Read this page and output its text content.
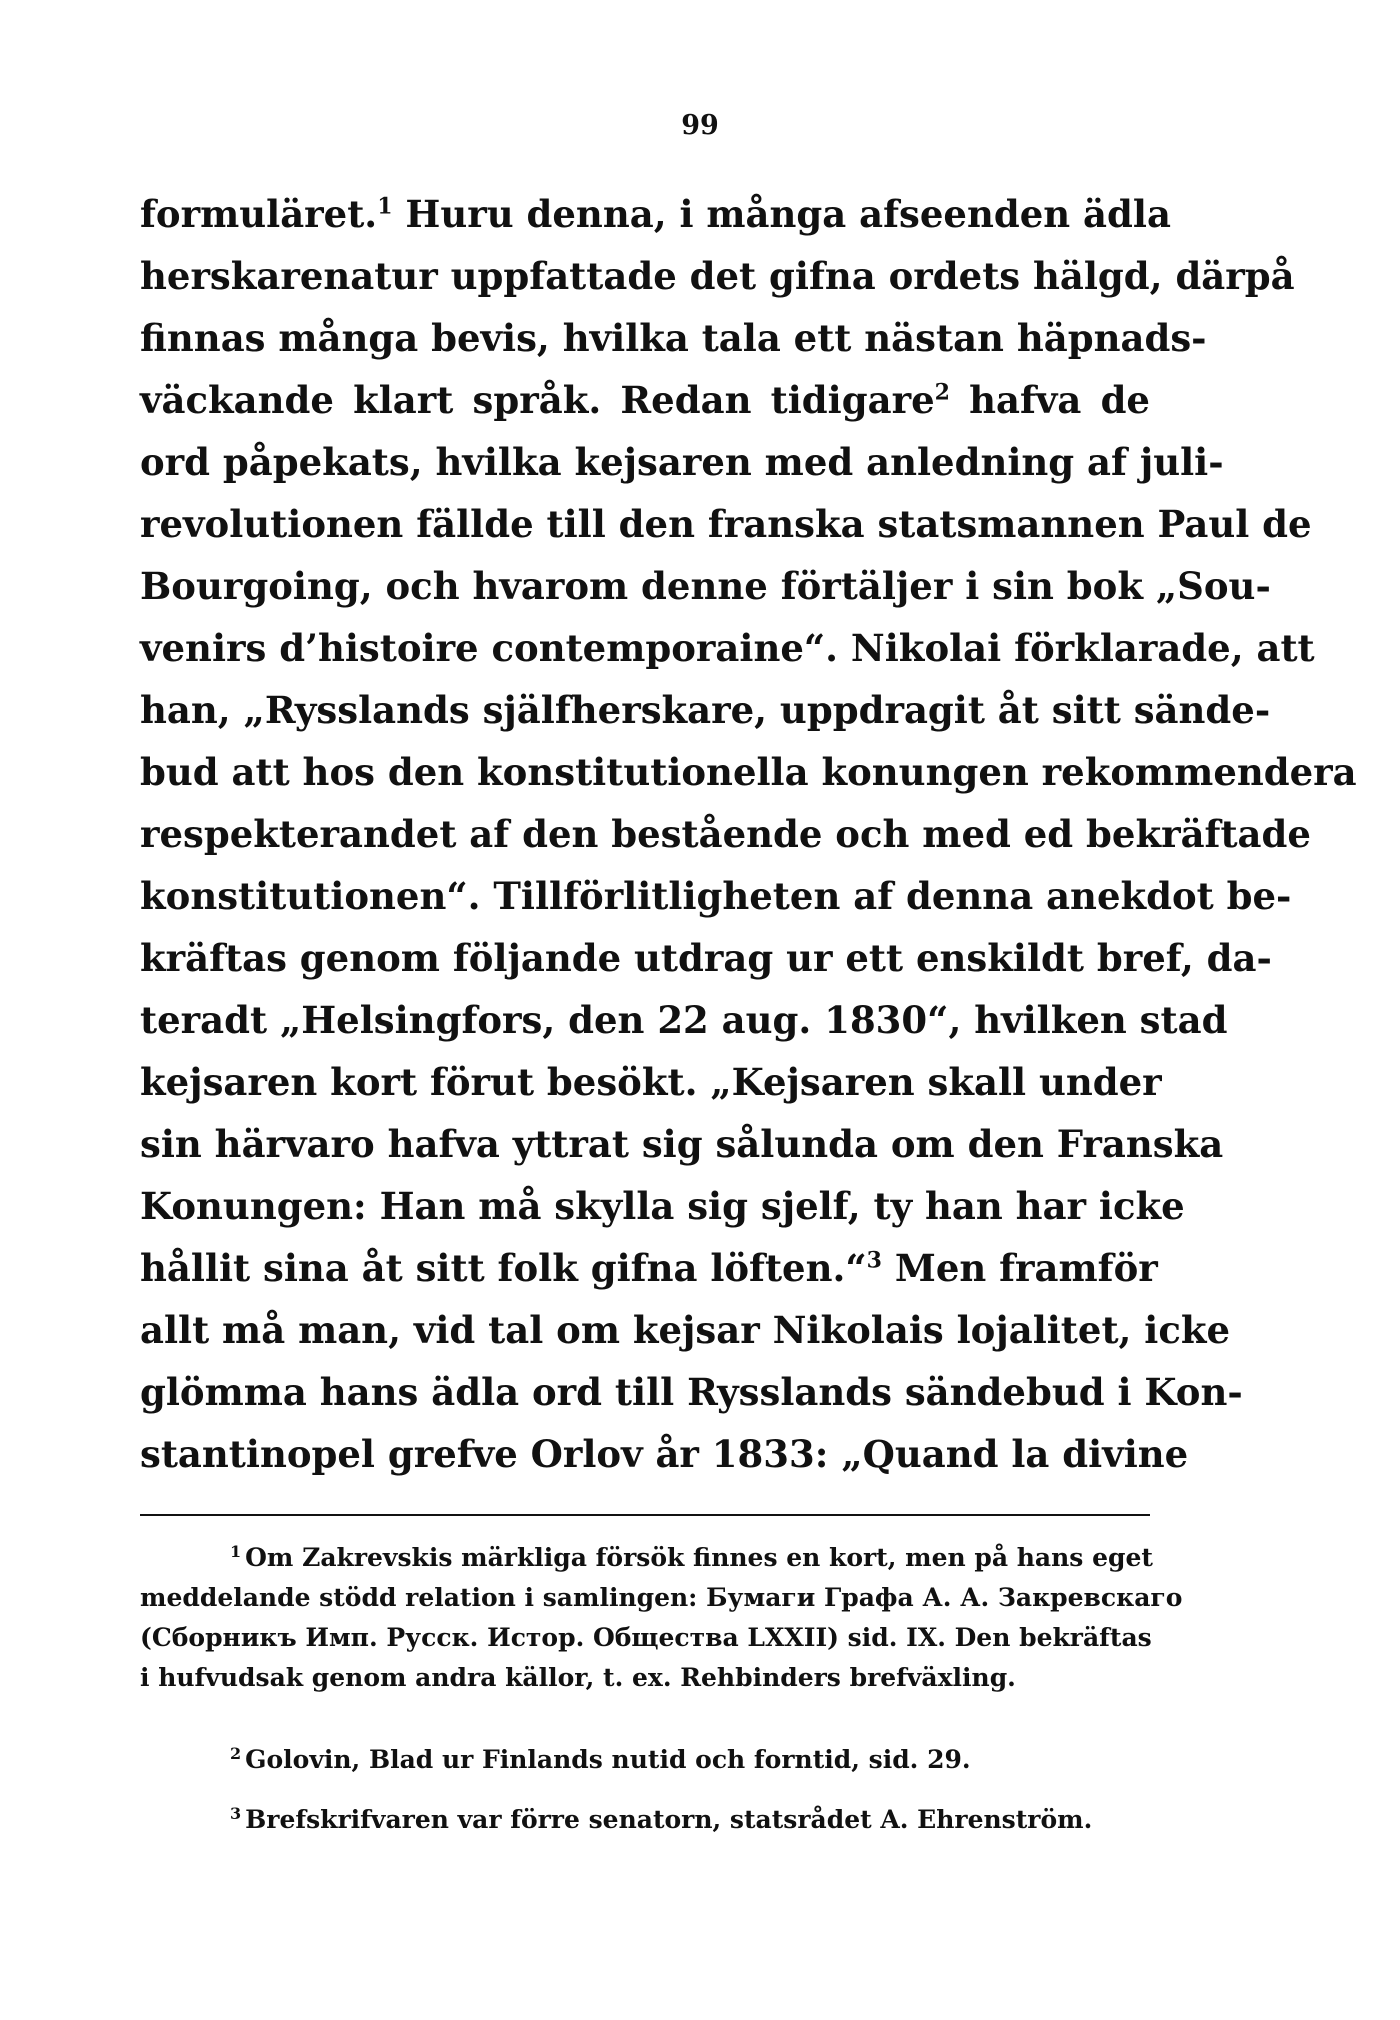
99
formuläret.$^1$ Huru denna, i många afseenden ädla
herskarenatur uppfattade det gifna ordets hälgd, därpå
finnas många bevis, hvilka tala ett nästan häpnads-
väckande klart språk. Redan tidigare$^2$ hafva de
ord påpekats, hvilka kejsaren med anledning af juli-
revolutionen fällde till den franska statsmannen Paul de
Bourgoing, och hvarom denne förtäljer i sin bok „Sou-
venirs d’histoire contemporaine“. Nikolai förklarade, att
han, „Rysslands själfherskare, uppdragit åt sitt sände-
bud att hos den konstitutionella konungen rekommendera
respekterandet af den bestående och med ed bekräftade
konstitutionen“. Tillförlitligheten af denna anekdot be-
kräftas genom följande utdrag ur ett enskildt bref, da-
teradt „Helsingfors, den 22 aug. 1830“, hvilken stad
kejsaren kort förut besökt. „Kejsaren skall under
sin härvaro hafva yttrat sig sålunda om den Franska
Konungen: Han må skylla sig sjelf, ty han har icke
hållit sina åt sitt folk gifna löften.“$^3$ Men framför
allt må man, vid tal om kejsar Nikolais lojalitet, icke
glömma hans ädla ord till Rysslands sändebud i Kon-
stantinopel grefve Orlov år 1833: „Quand la divine
$^1$ Om Zakrevskis märkliga försök finnes en kort, men på hans eget
meddelande stödd relation i samlingen: Бумаги Графа А. А. Закревскаго
(Сборникъ Имп. Русск. Истор. Общества LXXII) sid. IX. Den bekräftas
i hufvudsak genom andra källor, t. ex. Rehbinders brefväxling.
$^2$ Golovin, Blad ur Finlands nutid och forntid, sid. 29.
$^3$ Brefskrifvaren var förre senatorn, statsrådet A. Ehrenström.
